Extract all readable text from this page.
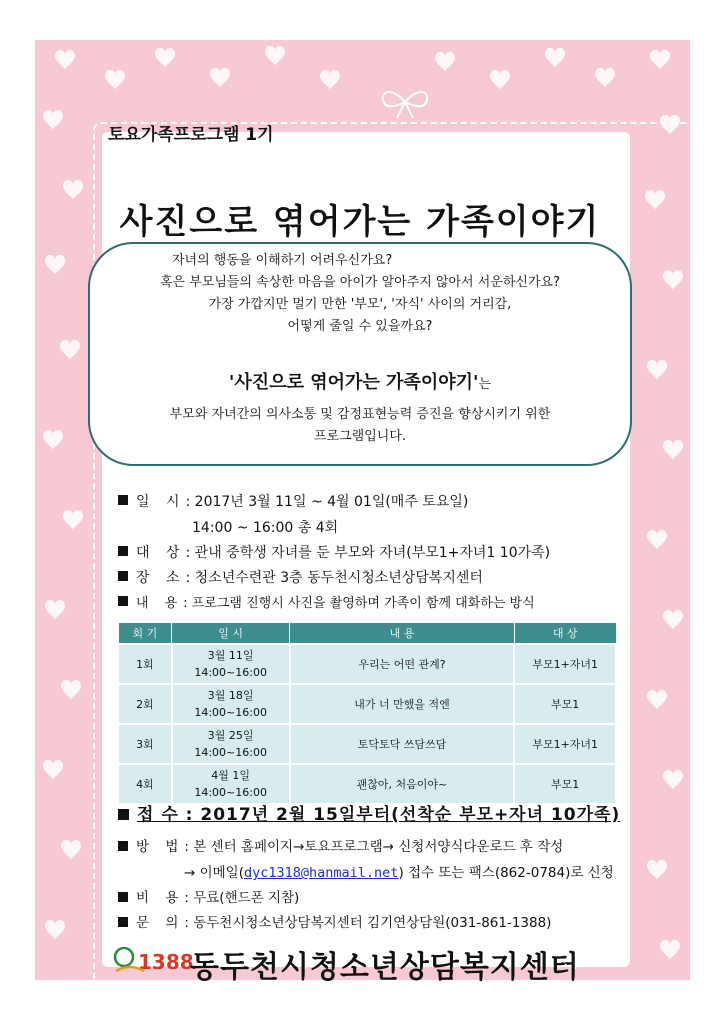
토요가족프로그램 1기
사진으로 엮어가는 가족이야기

자녀의 행동을 이해하기 어려우신가요?

혹은 부모님들의 속상한 마음을 아이가 알아주지 않아서 서운하신가요?

가장 가깝지만 멀기 만한 '부모', '자식' 사이의 거리감,

어떻게 줄일 수 있을까요?

'사진으로 엮어가는 가족이야기'는

부모와 자녀간의 의사소통 및 감정표현능력 증진을 향상시키기 위한

프로그램입니다.

일 시: 2017년 3월 11일 ~ 4월 01일(매주 토요일)
14:00 ~ 16:00 총 4회
대 상: 관내 중학생 자녀를 둔 부모와 자녀(부모1+자녀1 10가족)
장 소: 청소년수련관 3층 동두천시청소년상담복지센터
내 용: 프로그램 진행시 사진을 촬영하며 가족이 함께 대화하는 방식
회 기	일 시	내 용	대 상
1회	3월 11일
14:00~16:00	우리는 어떤 관계?	부모1+자녀1
2회	3월 18일
14:00~16:00	내가 너 만했을 적엔	부모1
3회	3월 25일
14:00~16:00	토닥토닥 쓰담쓰담	부모1+자녀1
4회	4월 1일
14:00~16:00	괜찮아, 처음이야~	부모1
접 수 : 2017년 2월 15일부터(선착순 부모+자녀 10가족)
방 법: 본 센터 홈페이지→토요프로그램→ 신청서양식다운로드 후 작성
→ 이메일(dyc1318@hanmail.net) 접수 또는 팩스(862-0784)로 신청
비 용: 무료(핸드폰 지참)
문 의: 동두천시청소년상담복지센터 김기연상담원(031-861-1388)
1388
동두천시청소년상담복지센터
